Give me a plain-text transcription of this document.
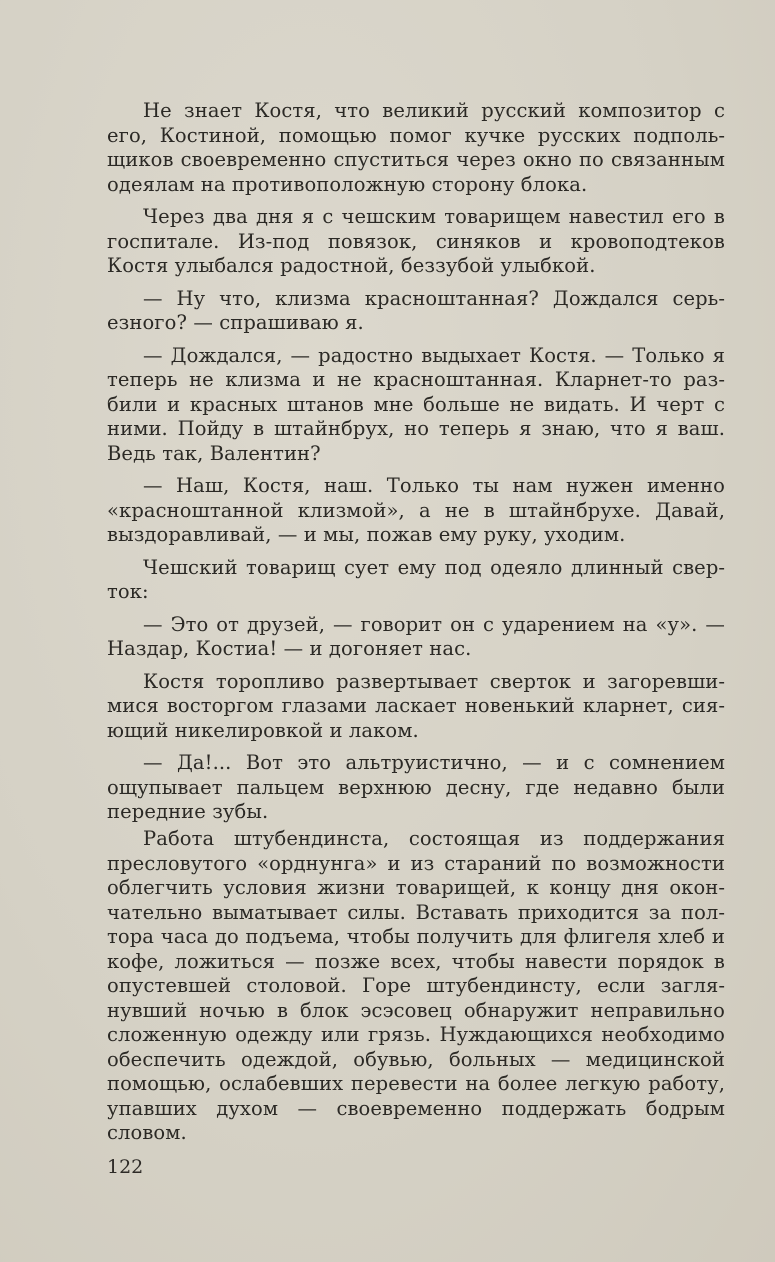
Не знает Костя, что великий русский композитор с его, Костиной, помощью помог кучке русских подпольщиков своевременно спуститься через окно по связанным одеялам на противоположную сторону блока.

Через два дня я с чешским товарищем навестил его в госпитале. Из-под повязок, синяков и кровоподтеков Костя улыбался радостной, беззубой улыбкой.

— Ну что, клизма красноштанная? Дождался серьезного? — спрашиваю я.

— Дождался, — радостно выдыхает Костя. — Только я теперь не клизма и не красноштанная. Кларнет-то разбили и красных штанов мне больше не видать. И черт с ними. Пойду в штайнбрух, но теперь я знаю, что я ваш. Ведь так, Валентин?

— Наш, Костя, наш. Только ты нам нужен именно «красноштанной клизмой», а не в штайнбрухе. Давай, выздоравливай, — и мы, пожав ему руку, уходим.

Чешский товарищ сует ему под одеяло длинный сверток:

— Это от друзей, — говорит он с ударением на «у». — Наздар, Костиа! — и догоняет нас.

Костя торопливо развертывает сверток и загоревшимися восторгом глазами ласкает новенький кларнет, сияющий никелировкой и лаком.

— Да!... Вот это альтруистично, — и с сомнением ощупывает пальцем верхнюю десну, где недавно были передние зубы.

Работа штубендинста, состоящая из поддержания пресловутого «орднунга» и из стараний по возможности облегчить условия жизни товарищей, к концу дня окончательно выматывает силы. Вставать приходится за полтора часа до подъема, чтобы получить для флигеля хлеб и кофе, ложиться — позже всех, чтобы навести порядок в опустевшей столовой. Горе штубендинсту, если заглянувший ночью в блок эсэсовец обнаружит неправильно сложенную одежду или грязь. Нуждающихся необходимо обеспечить одеждой, обувью, больных — медицинской помощью, ослабевших перевести на более легкую работу, упавших духом — своевременно поддержать бодрым словом.

122
